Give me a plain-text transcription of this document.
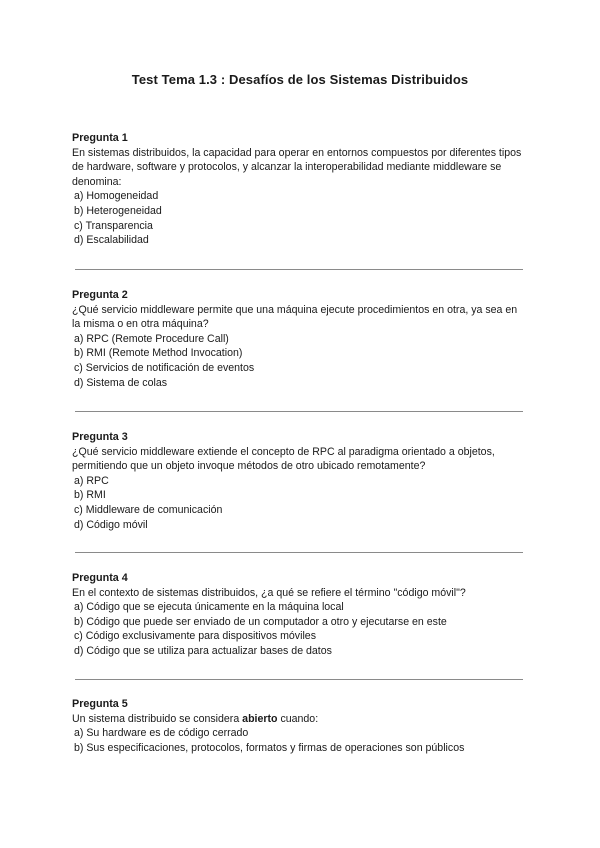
Test Tema 1.3 : Desafíos de los Sistemas Distribuidos

Pregunta 1

En sistemas distribuidos, la capacidad para operar en entornos compuestos por diferentes tipos de hardware, software y protocolos, y alcanzar la interoperabilidad mediante middleware se denomina:

a) Homogeneidad
b) Heterogeneidad
c) Transparencia
d) Escalabilidad

Pregunta 2

¿Qué servicio middleware permite que una máquina ejecute procedimientos en otra, ya sea en la misma o en otra máquina?

a) RPC (Remote Procedure Call)
b) RMI (Remote Method Invocation)
c) Servicios de notificación de eventos
d) Sistema de colas

Pregunta 3

¿Qué servicio middleware extiende el concepto de RPC al paradigma orientado a objetos, permitiendo que un objeto invoque métodos de otro ubicado remotamente?

a) RPC
b) RMI
c) Middleware de comunicación
d) Código móvil

Pregunta 4

En el contexto de sistemas distribuidos, ¿a qué se refiere el término "código móvil"?

a) Código que se ejecuta únicamente en la máquina local
b) Código que puede ser enviado de un computador a otro y ejecutarse en este
c) Código exclusivamente para dispositivos móviles
d) Código que se utiliza para actualizar bases de datos

Pregunta 5

Un sistema distribuido se considera abierto cuando:

a) Su hardware es de código cerrado
b) Sus especificaciones, protocolos, formatos y firmas de operaciones son públicos
